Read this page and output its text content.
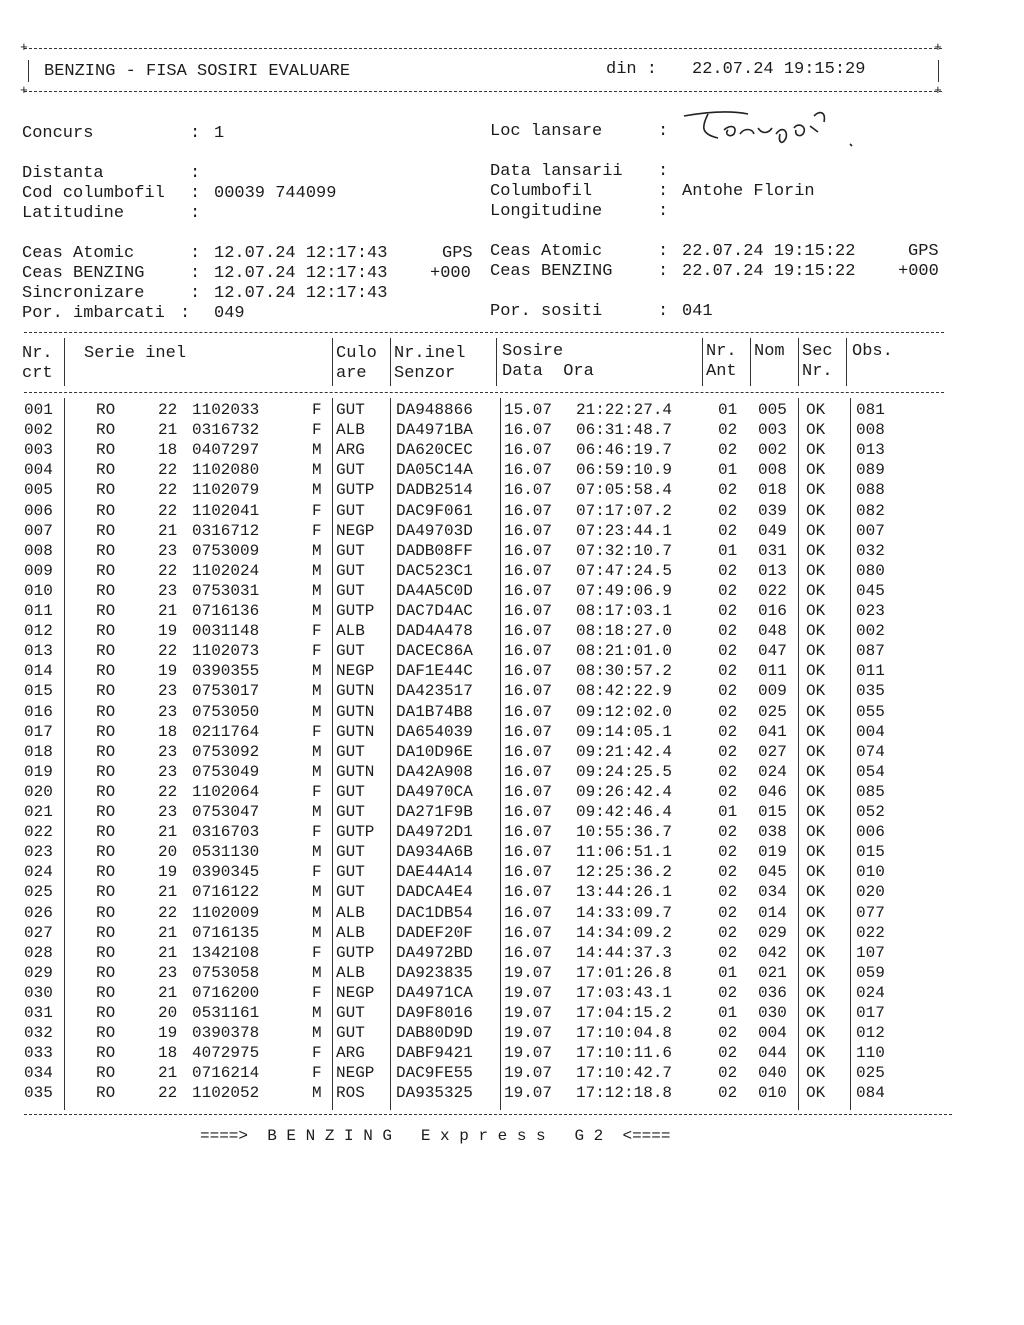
+	+
BENZING - FISA SOSIRI EVALUARE	din : 22.07.24 19:15:29
+	+
Concurs	: 1
Distanta	:
Cod columbofil : 00039 744099
Latitudine	:
Loc lansare	:
Data lansarii :
Columbofil	: Antohe Florin
Longitudine	:
Ceas Atomic	: 12.07.24 12:17:43	GPS
Ceas BENZING	: 12.07.24 12:17:43	+000
Sincronizare	: 12.07.24 12:17:43
Por. imbarcati : 049
Ceas Atomic	: 22.07.24 19:15:22	GPS
Ceas BENZING	: 22.07.24 19:15:22	+000
Por. sositi	: 041
Nr.
crt
Serie inel	Culo
are
Nr.inel
Senzor
Sosire
Data  Ora
Nr.
Ant
Nom Sec
Nr.
Obs.
001	RO	22 1102033	F GUT DA948866 15.07 21:22:27.4	01 005 OK 081
002	RO	21 0316732	F ALB DA4971BA 16.07 06:31:48.7	02 003 OK 008
003	RO	18 0407297	M ARG DA620CEC 16.07 06:46:19.7	02 002 OK 013
004	RO	22 1102080	M GUT DA05C14A 16.07 06:59:10.9	01 008 OK 089
005	RO	22 1102079	M GUTP DADB2514 16.07 07:05:58.4	02 018 OK 088
006	RO	22 1102041	F GUT DAC9F061 16.07 07:17:07.2	02 039 OK 082
007	RO	21 0316712	F NEGP DA49703D 16.07 07:23:44.1	02 049 OK 007
008	RO	23 0753009	M GUT DADB08FF 16.07 07:32:10.7	01 031 OK 032
009	RO	22 1102024	M GUT DAC523C1 16.07 07:47:24.5	02 013 OK 080
010	RO	23 0753031	M GUT DA4A5C0D 16.07 07:49:06.9	02 022 OK 045
011	RO	21 0716136	M GUTP DAC7D4AC 16.07 08:17:03.1	02 016 OK 023
012	RO	19 0031148	F ALB DAD4A478 16.07 08:18:27.0	02 048 OK 002
013	RO	22 1102073	F GUT DACEC86A 16.07 08:21:01.0	02 047 OK 087
014	RO	19 0390355	M NEGP DAF1E44C 16.07 08:30:57.2	02 011 OK 011
015	RO	23 0753017	M GUTN DA423517 16.07 08:42:22.9	02 009 OK 035
016	RO	23 0753050	M GUTN DA1B74B8 16.07 09:12:02.0	02 025 OK 055
017	RO	18 0211764	F GUTN DA654039 16.07 09:14:05.1	02 041 OK 004
018	RO	23 0753092	M GUT DA10D96E 16.07 09:21:42.4	02 027 OK 074
019	RO	23 0753049	M GUTN DA42A908 16.07 09:24:25.5	02 024 OK 054
020	RO	22 1102064	F GUT DA4970CA 16.07 09:26:42.4	02 046 OK 085
021	RO	23 0753047	M GUT DA271F9B 16.07 09:42:46.4	01 015 OK 052
022	RO	21 0316703	F GUTP DA4972D1 16.07 10:55:36.7	02 038 OK 006
023	RO	20 0531130	M GUT DA934A6B 16.07 11:06:51.1	02 019 OK 015
024	RO	19 0390345	F GUT DAE44A14 16.07 12:25:36.2	02 045 OK 010
025	RO	21 0716122	M GUT DADCA4E4 16.07 13:44:26.1	02 034 OK 020
026	RO	22 1102009	M ALB DAC1DB54 16.07 14:33:09.7	02 014 OK 077
027	RO	21 0716135	M ALB DADEF20F 16.07 14:34:09.2	02 029 OK 022
028	RO	21 1342108	F GUTP DA4972BD 16.07 14:44:37.3	02 042 OK 107
029	RO	23 0753058	M ALB DA923835 19.07 17:01:26.8	01 021 OK 059
030	RO	21 0716200	F NEGP DA4971CA 19.07 17:03:43.1	02 036 OK 024
031	RO	20 0531161	M GUT DA9F8016 19.07 17:04:15.2	01 030 OK 017
032	RO	19 0390378	M GUT DAB80D9D 19.07 17:10:04.8	02 004 OK 012
033	RO	18 4072975	F ARG DABF9421 19.07 17:10:11.6	02 044 OK 110
034	RO	21 0716214	F NEGP DAC9FE55 19.07 17:10:42.7	02 040 OK 025
035	RO	22 1102052	M ROS DA935325 19.07 17:12:18.8	02 010 OK 084
====>  B E N Z I N G   E x p r e s s   G 2  <====
